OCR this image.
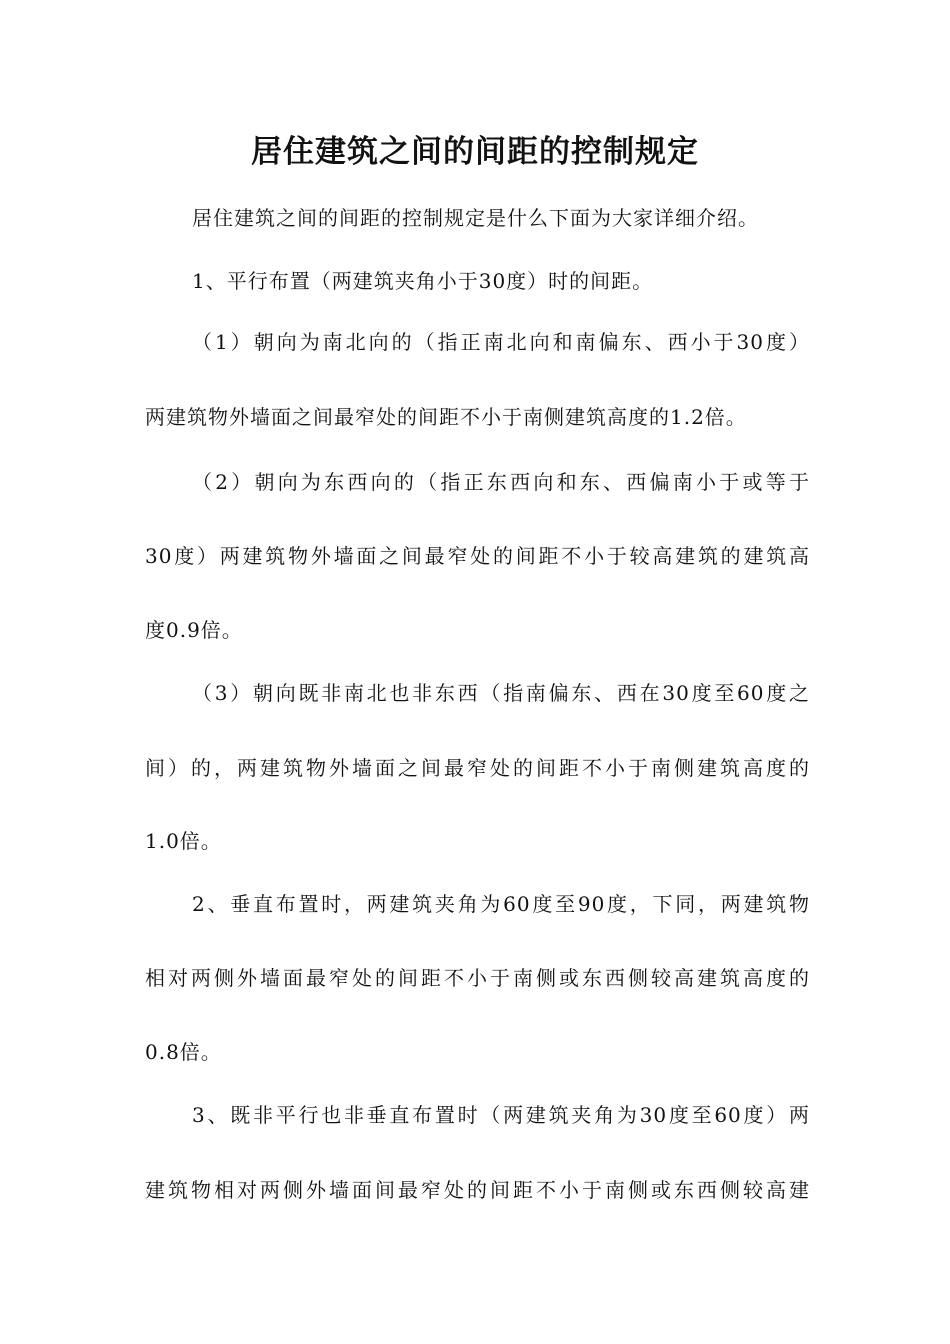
居住建筑之间的间距的控制规定
居住建筑之间的间距的控制规定是什么下面为大家详细介绍。
1、平行布置（两建筑夹角小于30度）时的间距。
（1）朝向为南北向的（指正南北向和南偏东、西小于30度）
两建筑物外墙面之间最窄处的间距不小于南侧建筑高度的1.2倍。
（2）朝向为东西向的（指正东西向和东、西偏南小于或等于
30度）两建筑物外墙面之间最窄处的间距不小于较高建筑的建筑高
度0.9倍。
（3）朝向既非南北也非东西（指南偏东、西在30度至60度之
间）的，两建筑物外墙面之间最窄处的间距不小于南侧建筑高度的
1.0倍。
2、垂直布置时，两建筑夹角为60度至90度，下同，两建筑物
相对两侧外墙面最窄处的间距不小于南侧或东西侧较高建筑高度的
0.8倍。
3、既非平行也非垂直布置时（两建筑夹角为30度至60度）两
建筑物相对两侧外墙面间最窄处的间距不小于南侧或东西侧较高建
